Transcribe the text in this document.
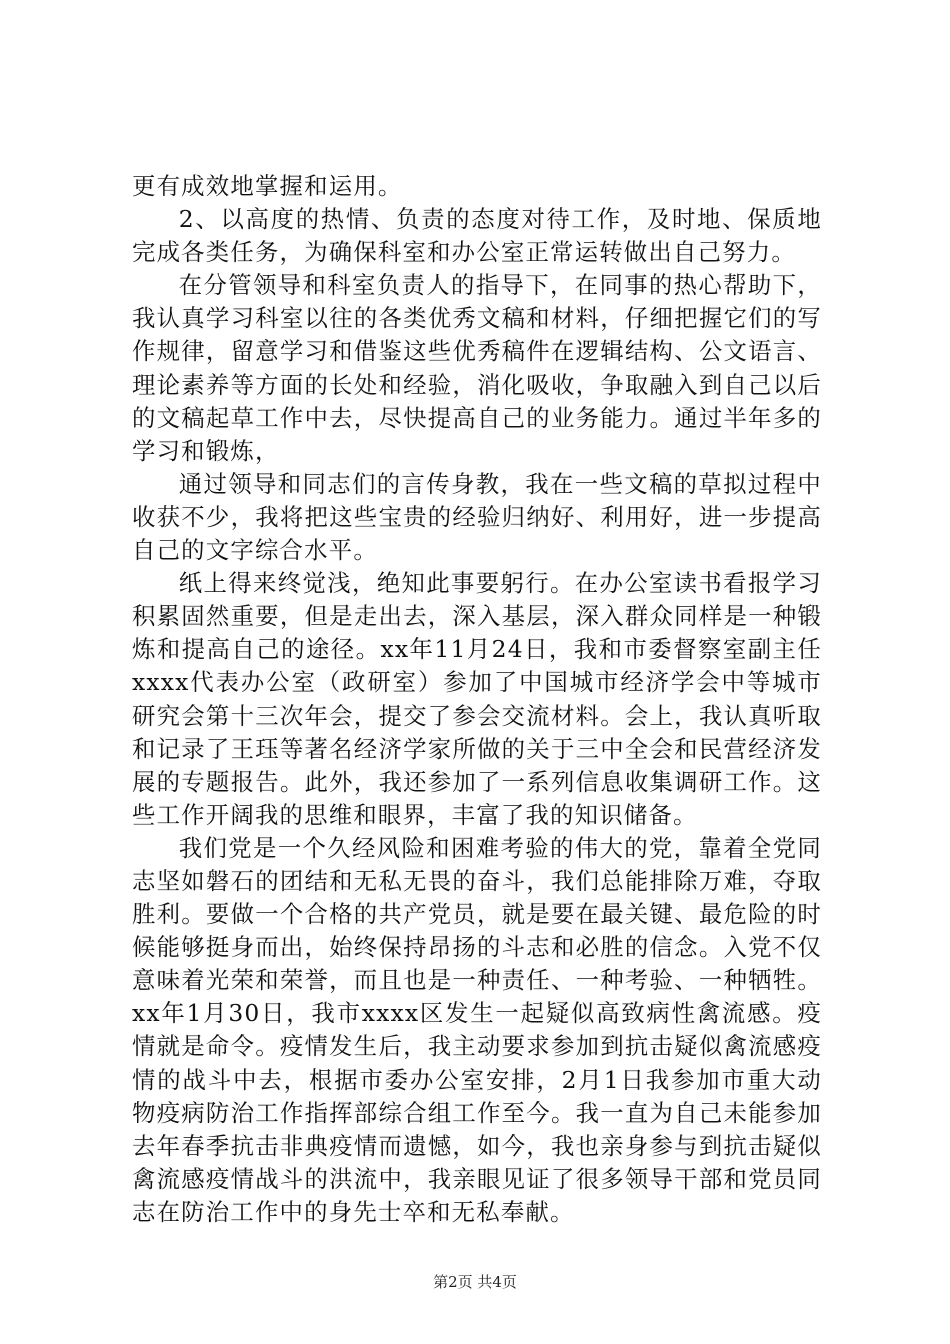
更有成效地掌握和运用。

2、以高度的热情、负责的态度对待工作，及时地、保质地完成各类任务，为确保科室和办公室正常运转做出自己努力。

在分管领导和科室负责人的指导下，在同事的热心帮助下，我认真学习科室以往的各类优秀文稿和材料，仔细把握它们的写作规律，留意学习和借鉴这些优秀稿件在逻辑结构、公文语言、理论素养等方面的长处和经验，消化吸收，争取融入到自己以后的文稿起草工作中去，尽快提高自己的业务能力。通过半年多的学习和锻炼，

通过领导和同志们的言传身教，我在一些文稿的草拟过程中收获不少，我将把这些宝贵的经验归纳好、利用好，进一步提高自己的文字综合水平。

纸上得来终觉浅，绝知此事要躬行。在办公室读书看报学习积累固然重要，但是走出去，深入基层，深入群众同样是一种锻炼和提高自己的途径。xx年11月24日，我和市委督察室副主任xxxx代表办公室（政研室）参加了中国城市经济学会中等城市研究会第十三次年会，提交了参会交流材料。会上，我认真听取和记录了王珏等著名经济学家所做的关于三中全会和民营经济发展的专题报告。此外，我还参加了一系列信息收集调研工作。这些工作开阔我的思维和眼界，丰富了我的知识储备。

我们党是一个久经风险和困难考验的伟大的党，靠着全党同志坚如磐石的团结和无私无畏的奋斗，我们总能排除万难，夺取胜利。要做一个合格的共产党员，就是要在最关键、最危险的时候能够挺身而出，始终保持昂扬的斗志和必胜的信念。入党不仅意味着光荣和荣誉，而且也是一种责任、一种考验、一种牺牲。xx年1月30日，我市xxxx区发生一起疑似高致病性禽流感。疫情就是命令。疫情发生后，我主动要求参加到抗击疑似禽流感疫情的战斗中去，根据市委办公室安排，2月1日我参加市重大动物疫病防治工作指挥部综合组工作至今。我一直为自己未能参加去年春季抗击非典疫情而遗憾，如今，我也亲身参与到抗击疑似禽流感疫情战斗的洪流中，我亲眼见证了很多领导干部和党员同志在防治工作中的身先士卒和无私奉献。

第2页 共4页
